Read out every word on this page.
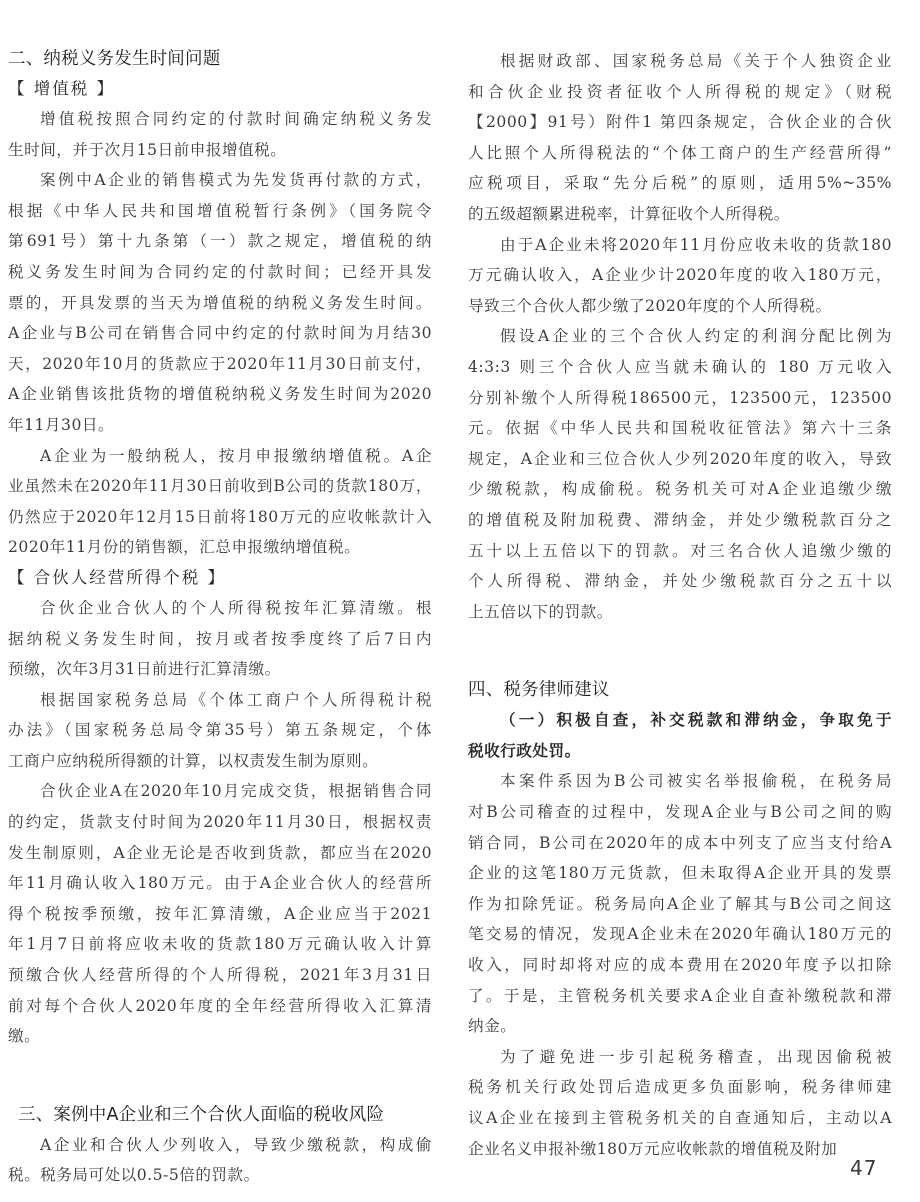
二、纳税义务发生时间问题
【 增值税 】
增值税按照合同约定的付款时间确定纳税义务发
生时间，并于次月15日前申报增值税。
案例中A企业的销售模式为先发货再付款的方式，
根据《中华人民共和国增值税暂行条例》（国务院令
第691号）第十九条第（一）款之规定，增值税的纳
税义务发生时间为合同约定的付款时间；已经开具发
票的，开具发票的当天为增值税的纳税义务发生时间。
A企业与B公司在销售合同中约定的付款时间为月结30
天，2020年10月的货款应于2020年11月30日前支付，
A企业销售该批货物的增值税纳税义务发生时间为2020
年11月30日。
A企业为一般纳税人，按月申报缴纳增值税。A企
业虽然未在2020年11月30日前收到B公司的货款180万，
仍然应于2020年12月15日前将180万元的应收帐款计入
2020年11月份的销售额，汇总申报缴纳增值税。
【 合伙人经营所得个税 】
合伙企业合伙人的个人所得税按年汇算清缴。根
据纳税义务发生时间，按月或者按季度终了后7日内
预缴，次年3月31日前进行汇算清缴。
根据国家税务总局《个体工商户个人所得税计税
办法》（国家税务总局令第35号）第五条规定，个体
工商户应纳税所得额的计算，以权责发生制为原则。
合伙企业A在2020年10月完成交货，根据销售合同
的约定，货款支付时间为2020年11月30日，根据权责
发生制原则，A企业无论是否收到货款，都应当在2020
年11月确认收入180万元。由于A企业合伙人的经营所
得个税按季预缴，按年汇算清缴，A企业应当于2021
年1月7日前将应收未收的货款180万元确认收入计算
预缴合伙人经营所得的个人所得税，2021年3月31日
前对每个合伙人2020年度的全年经营所得收入汇算清
缴。
三、案例中A企业和三个合伙人面临的税收风险
A企业和合伙人少列收入，导致少缴税款，构成偷
税。税务局可处以0.5-5倍的罚款。
根据财政部、国家税务总局《关于个人独资企业
和合伙企业投资者征收个人所得税的规定》（财税
【2000】91号）附件1 第四条规定，合伙企业的合伙
人比照个人所得税法的“个体工商户的生产经营所得”
应税项目，采取“先分后税”的原则，适用5%~35%
的五级超额累进税率，计算征收个人所得税。
由于A企业未将2020年11月份应收未收的货款180
万元确认收入，A企业少计2020年度的收入180万元，
导致三个合伙人都少缴了2020年度的个人所得税。
假设A企业的三个合伙人约定的利润分配比例为
4:3:3 则三个合伙人应当就未确认的 180 万元收入
分别补缴个人所得税186500元，123500元，123500
元。依据《中华人民共和国税收征管法》第六十三条
规定，A企业和三位合伙人少列2020年度的收入，导致
少缴税款，构成偷税。税务机关可对A企业追缴少缴
的增值税及附加税费、滞纳金，并处少缴税款百分之
五十以上五倍以下的罚款。对三名合伙人追缴少缴的
个人所得税、滞纳金，并处少缴税款百分之五十以
上五倍以下的罚款。
四、税务律师建议
（一）积极自查，补交税款和滞纳金，争取免于
税收行政处罚。
本案件系因为B公司被实名举报偷税，在税务局
对B公司稽查的过程中，发现A企业与B公司之间的购
销合同，B公司在2020年的成本中列支了应当支付给A
企业的这笔180万元货款，但未取得A企业开具的发票
作为扣除凭证。税务局向A企业了解其与B公司之间这
笔交易的情况，发现A企业未在2020年确认180万元的
收入，同时却将对应的成本费用在2020年度予以扣除
了。于是，主管税务机关要求A企业自查补缴税款和滞
纳金。
为了避免进一步引起税务稽查，出现因偷税被
税务机关行政处罚后造成更多负面影响，税务律师建
议A企业在接到主管税务机关的自查通知后，主动以A
企业名义申报补缴180万元应收帐款的增值税及附加
47
